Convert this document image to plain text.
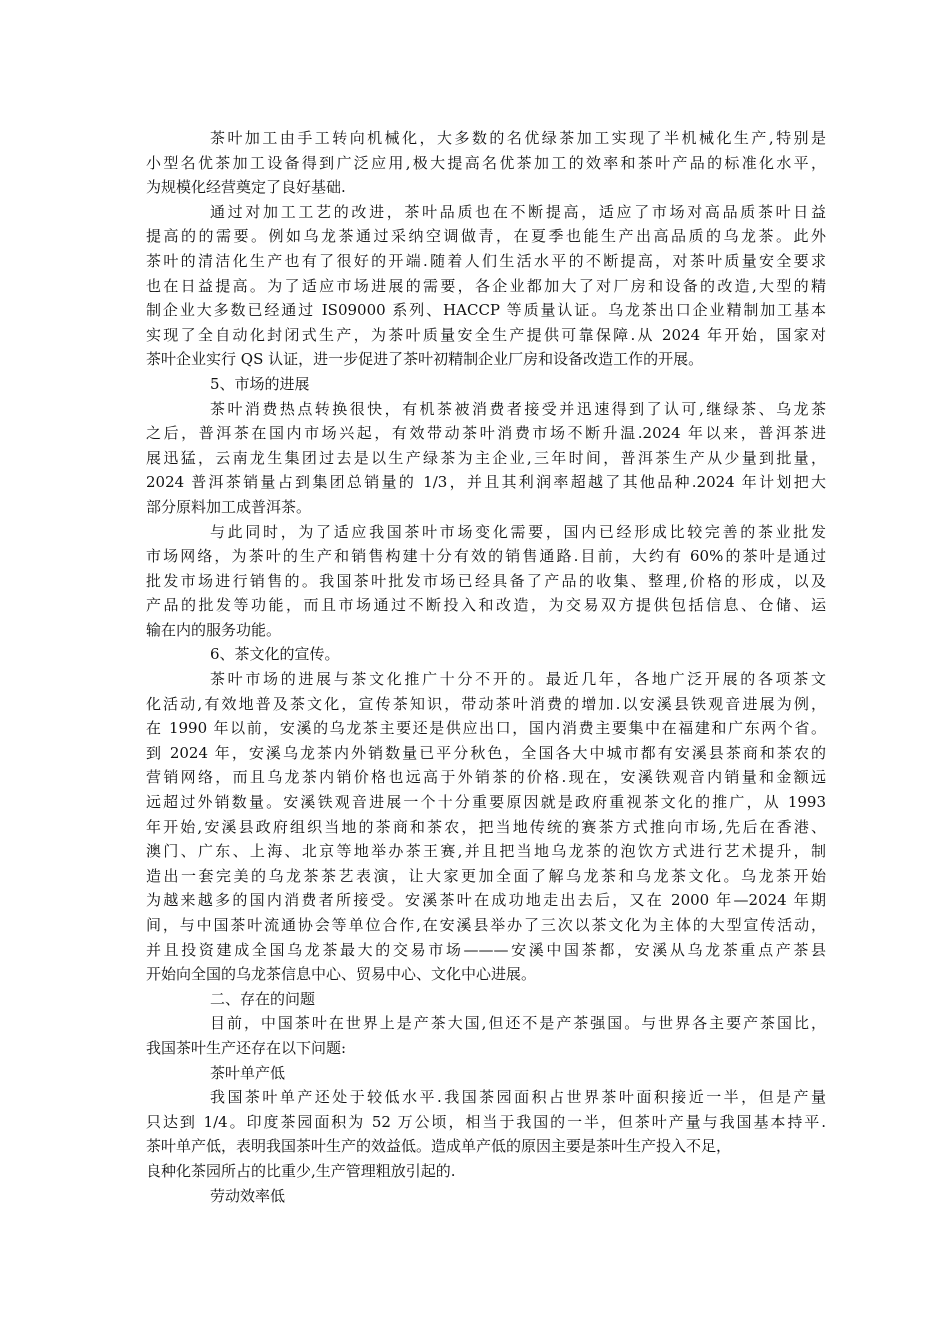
茶叶加工由手工转向机械化，大多数的名优绿茶加工实现了半机械化生产,特别是
小型名优茶加工设备得到广泛应用,极大提高名优茶加工的效率和茶叶产品的标准化水平，
为规模化经营奠定了良好基础.
通过对加工工艺的改进，茶叶品质也在不断提高，适应了市场对高品质茶叶日益
提高的的需要。例如乌龙茶通过采纳空调做青，在夏季也能生产出高品质的乌龙茶。此外
茶叶的清洁化生产也有了很好的开端.随着人们生活水平的不断提高，对茶叶质量安全要求
也在日益提高。为了适应市场进展的需要，各企业都加大了对厂房和设备的改造,大型的精
制企业大多数已经通过 IS09000 系列、HACCP 等质量认证。乌龙茶出口企业精制加工基本
实现了全自动化封闭式生产，为茶叶质量安全生产提供可靠保障.从 2024 年开始，国家对
茶叶企业实行 QS 认证，进一步促进了茶叶初精制企业厂房和设备改造工作的开展。
5、市场的进展
茶叶消费热点转换很快，有机茶被消费者接受并迅速得到了认可,继绿茶、乌龙茶
之后，普洱茶在国内市场兴起，有效带动茶叶消费市场不断升温.2024 年以来，普洱茶进
展迅猛，云南龙生集团过去是以生产绿茶为主企业,三年时间，普洱茶生产从少量到批量，
2024 普洱茶销量占到集团总销量的 1/3，并且其利润率超越了其他品种.2024 年计划把大
部分原料加工成普洱茶。
与此同时，为了适应我国茶叶市场变化需要，国内已经形成比较完善的茶业批发
市场网络，为茶叶的生产和销售构建十分有效的销售通路.目前，大约有 60%的茶叶是通过
批发市场进行销售的。我国茶叶批发市场已经具备了产品的收集、整理,价格的形成，以及
产品的批发等功能，而且市场通过不断投入和改造，为交易双方提供包括信息、仓储、运
输在内的服务功能。
6、茶文化的宣传。
茶叶市场的进展与茶文化推广十分不开的。最近几年，各地广泛开展的各项茶文
化活动,有效地普及茶文化，宣传茶知识，带动茶叶消费的增加.以安溪县铁观音进展为例，
在 1990 年以前，安溪的乌龙茶主要还是供应出口，国内消费主要集中在福建和广东两个省。
到 2024 年，安溪乌龙茶内外销数量已平分秋色，全国各大中城市都有安溪县茶商和茶农的
营销网络，而且乌龙茶内销价格也远高于外销茶的价格.现在，安溪铁观音内销量和金额远
远超过外销数量。安溪铁观音进展一个十分重要原因就是政府重视茶文化的推广，从 1993
年开始,安溪县政府组织当地的茶商和茶农，把当地传统的赛茶方式推向市场,先后在香港、
澳门、广东、上海、北京等地举办茶王赛,并且把当地乌龙茶的泡饮方式进行艺术提升，制
造出一套完美的乌龙茶茶艺表演，让大家更加全面了解乌龙茶和乌龙茶文化。乌龙茶开始
为越来越多的国内消费者所接受。安溪茶叶在成功地走出去后，又在 2000 年—2024 年期
间，与中国茶叶流通协会等单位合作,在安溪县举办了三次以茶文化为主体的大型宣传活动，
并且投资建成全国乌龙茶最大的交易市场———安溪中国茶都，安溪从乌龙茶重点产茶县
开始向全国的乌龙茶信息中心、贸易中心、文化中心进展。
二、存在的问题
目前，中国茶叶在世界上是产茶大国,但还不是产茶强国。与世界各主要产茶国比，
我国茶叶生产还存在以下问题:
茶叶单产低
我国茶叶单产还处于较低水平.我国茶园面积占世界茶叶面积接近一半，但是产量
只达到 1/4。印度茶园面积为 52 万公顷，相当于我国的一半，但茶叶产量与我国基本持平.
茶叶单产低，表明我国茶叶生产的效益低。造成单产低的原因主要是茶叶生产投入不足，
良种化茶园所占的比重少,生产管理粗放引起的.
劳动效率低
